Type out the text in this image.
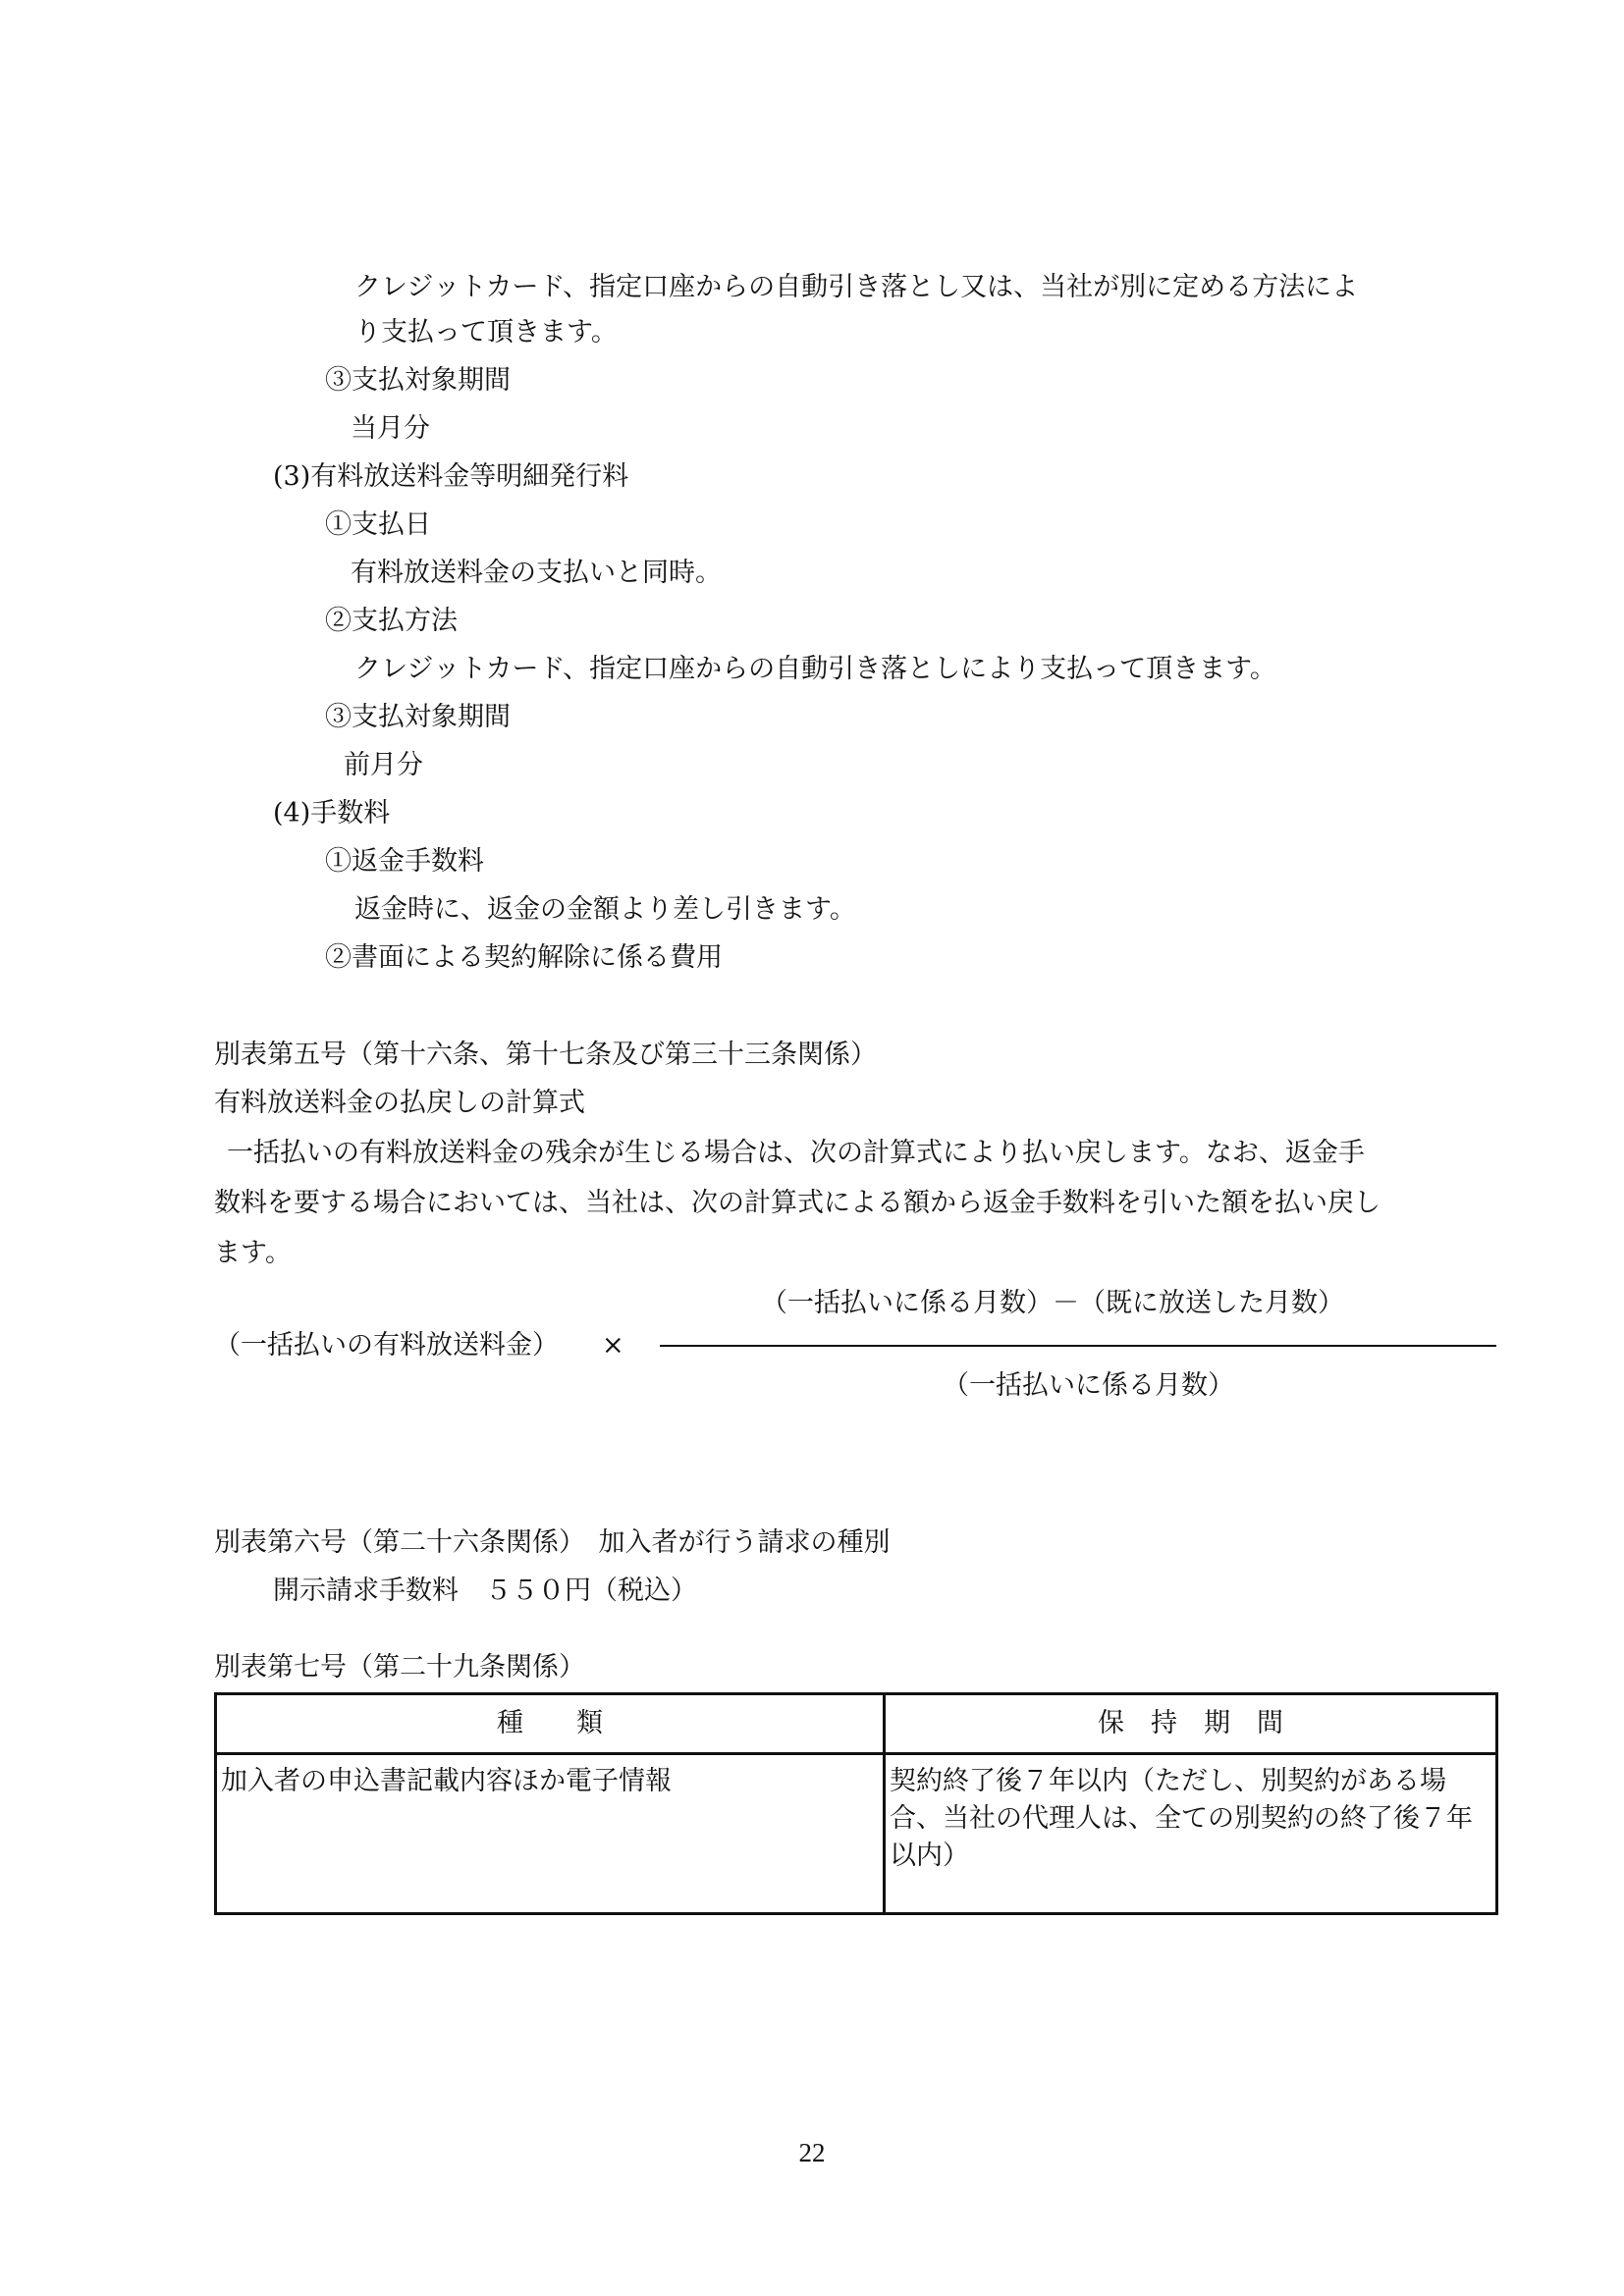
クレジットカード、指定口座からの自動引き落とし又は、当社が別に定める方法によ
り支払って頂きます。
③支払対象期間
当月分
(3)有料放送料金等明細発行料
①支払日
有料放送料金の支払いと同時。
②支払方法
クレジットカード、指定口座からの自動引き落としにより支払って頂きます。
③支払対象期間
前月分
(4)手数料
①返金手数料
返金時に、返金の金額より差し引きます。
②書面による契約解除に係る費用
別表第五号（第十六条、第十七条及び第三十三条関係）
有料放送料金の払戻しの計算式
一括払いの有料放送料金の残余が生じる場合は、次の計算式により払い戻します。なお、返金手
数料を要する場合においては、当社は、次の計算式による額から返金手数料を引いた額を払い戻し
ます。
（一括払いの有料放送料金） ×
（一括払いに係る月数）－（既に放送した月数）
（一括払いに係る月数）
別表第六号（第二十六条関係）　加入者が行う請求の種別
開示請求手数料　５５０円（税込）
別表第七号（第二十九条関係）
種　　類	保　持　期　間
加入者の申込書記載内容ほか電子情報	契約終了後７年以内（ただし、別契約がある場合、当社の代理人は、全ての別契約の終了後７年以内）
22
